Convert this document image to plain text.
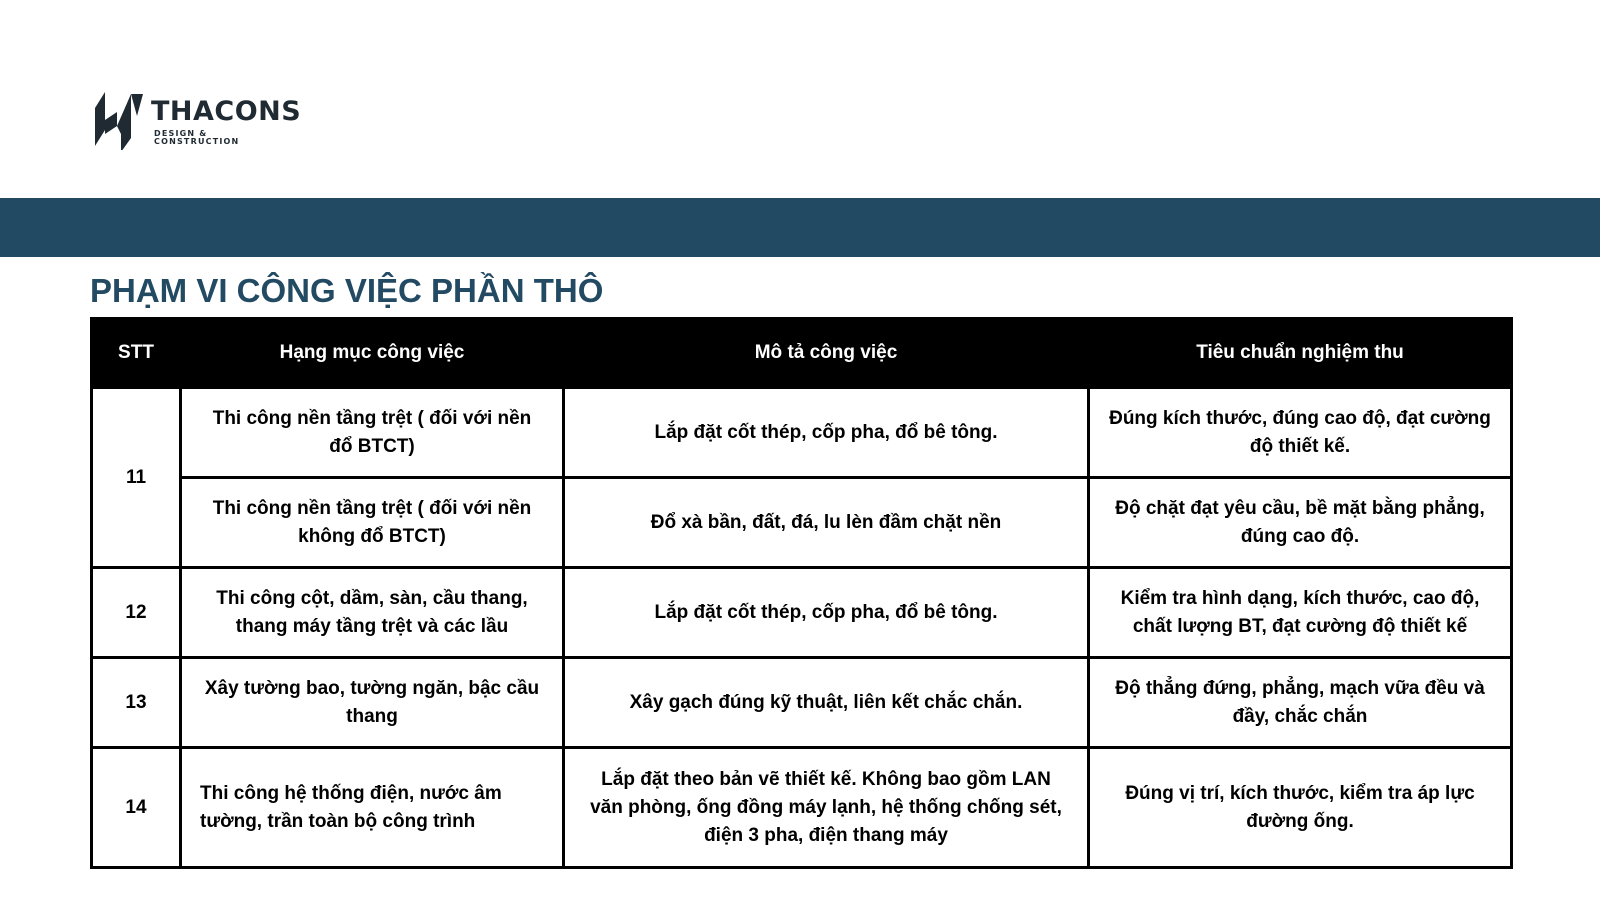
THACONS
DESIGN & CONSTRUCTION
PHẠM VI CÔNG VIỆC PHẦN THÔ
STT	Hạng mục công việc	Mô tả công việc	Tiêu chuẩn nghiệm thu
11	Thi công nền tầng trệt ( đối với nền đổ BTCT)	Lắp đặt cốt thép, cốp pha, đổ bê tông.	Đúng kích thước, đúng cao độ, đạt cường độ thiết kế.
	Thi công nền tầng trệt ( đối với nền không đổ BTCT)	Đổ xà bần, đất, đá, lu lèn đầm chặt nền	Độ chặt đạt yêu cầu, bề mặt bằng phẳng, đúng cao độ.
12	Thi công cột, dầm, sàn, cầu thang, thang máy tầng trệt và các lầu	Lắp đặt cốt thép, cốp pha, đổ bê tông.	Kiểm tra hình dạng, kích thước, cao độ, chất lượng BT, đạt cường độ thiết kế
13	Xây tường bao, tường ngăn, bậc cầu thang	Xây gạch đúng kỹ thuật, liên kết chắc chắn.	Độ thẳng đứng, phẳng, mạch vữa đều và đầy, chắc chắn
14	Thi công hệ thống điện, nước âm tường, trần toàn bộ công trình	Lắp đặt theo bản vẽ thiết kế. Không bao gồm LAN văn phòng, ống đồng máy lạnh, hệ thống chống sét, điện 3 pha, điện thang máy	Đúng vị trí, kích thước, kiểm tra áp lực đường ống.
